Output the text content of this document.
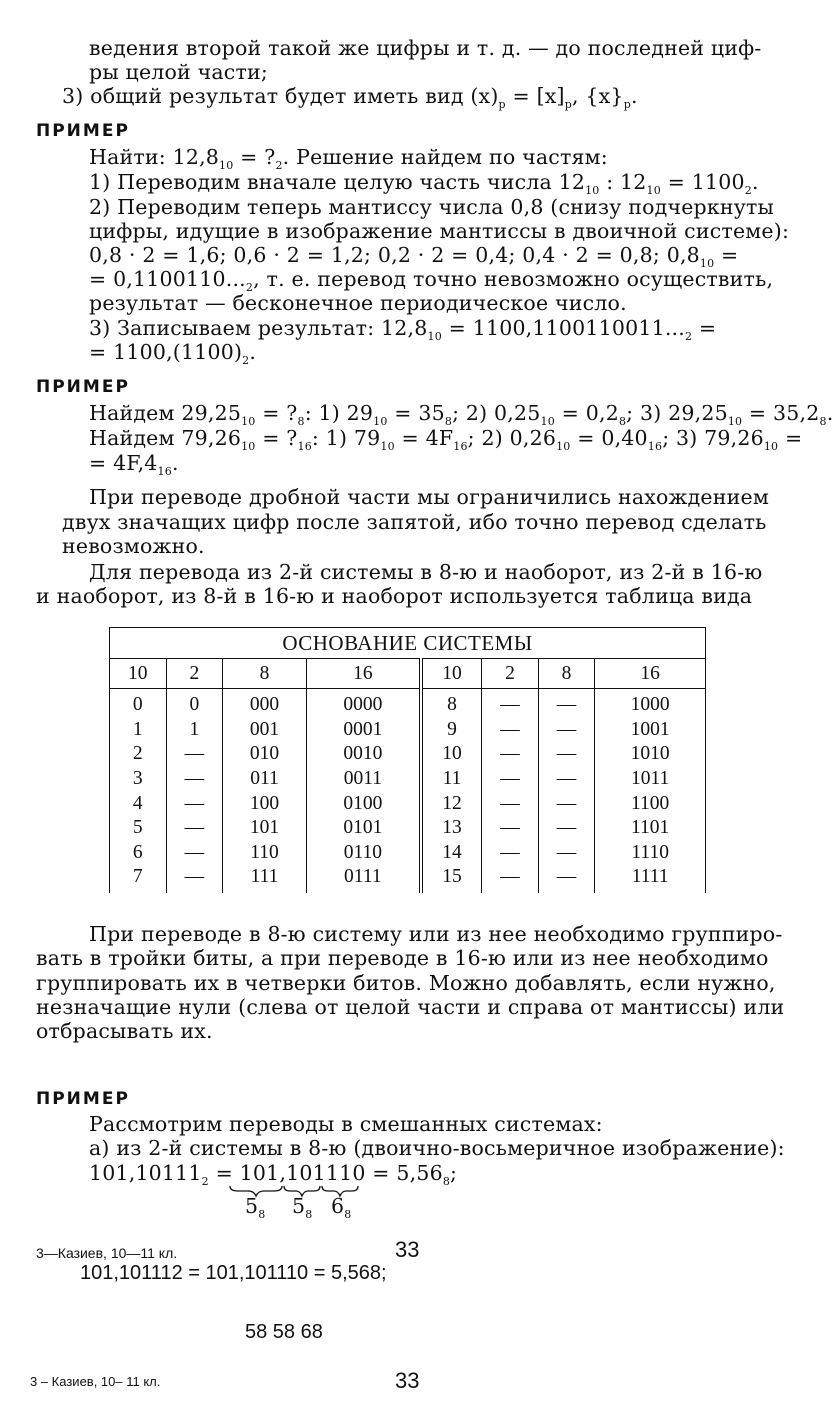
ведения второй такой же цифры и т. д. — до последней циф-
ры целой части;
3) общий результат будет иметь вид $(x)_p = [x]_p$, $\{x\}_p$.
ПРИМЕР
Найти: $12,8_{10}$ = $?_2$. Решение найдем по частям:
1) Переводим вначале целую часть числа $12_{10}$ : $12_{10} = 1100_2$.
2) Переводим теперь мантиссу числа 0,8 (снизу подчеркнуты
цифры, идущие в изображение мантиссы в двоичной системе):
0,8 · 2 = 1,6; 0,6 · 2 = 1,2; 0,2 · 2 = 0,4; 0,4 · 2 = 0,8; $0,8_{10}$ =
= $0,1100110..._2$, т. е. перевод точно невозможно осуществить,
результат — бесконечное периодическое число.
3) Записываем результат: $12,8_{10} = 1100,1100110011..._2$ =
= $1100,(1100)_2$.
ПРИМЕР
Найдем $29,25_{10}$ = $?_8$: 1) $29_{10} = 35_8$; 2) $0,25_{10} = 0,2_8$; 3) $29,25_{10} = 35,2_8$.
Найдем $79,26_{10}$ = $?_{16}$: 1) $79_{10} = 4F_{16}$; 2) $0,26_{10} = 0,40_{16}$; 3) $79,26_{10}$ =
= $4F,4_{16}$.
При переводе дробной части мы ограничились нахождением
двух значащих цифр после запятой, ибо точно перевод сделать
невозможно.
Для перевода из 2-й системы в 8-ю и наоборот, из 2-й в 16-ю
и наоборот, из 8-й в 16-ю и наоборот используется таблица вида
ОСНОВАНИЕ СИСТЕМЫ							
10	2	8	16	10	2	8	16
0	0	000	0000	8	—	—	1000
1	1	001	0001	9	—	—	1001
2	—	010	0010	10	—	—	1010
3	—	011	0011	11	—	—	1011
4	—	100	0100	12	—	—	1100
5	—	101	0101	13	—	—	1101
6	—	110	0110	14	—	—	1110
7	—	111	0111	15	—	—	1111
При переводе в 8-ю систему или из нее необходимо группиро-
вать в тройки биты, а при переводе в 16-ю или из нее необходимо
группировать их в четверки битов. Можно добавлять, если нужно,
незначащие нули (слева от целой части и справа от мантиссы) или
отбрасывать их.
ПРИМЕР
Рассмотрим переводы в смешанных системах:
а) из 2-й системы в 8-ю (двоично-восьмеричное изображение):
$101,10111_2 = 101,101110 = 5,56_8$;
$5_8$ $5_8$ $6_8$
3—Казиев, 10—11 кл.	33
101,101112 = 101,101110 = 5,568;
58 58 68
3 – Казиев, 10– 11 кл.	33
